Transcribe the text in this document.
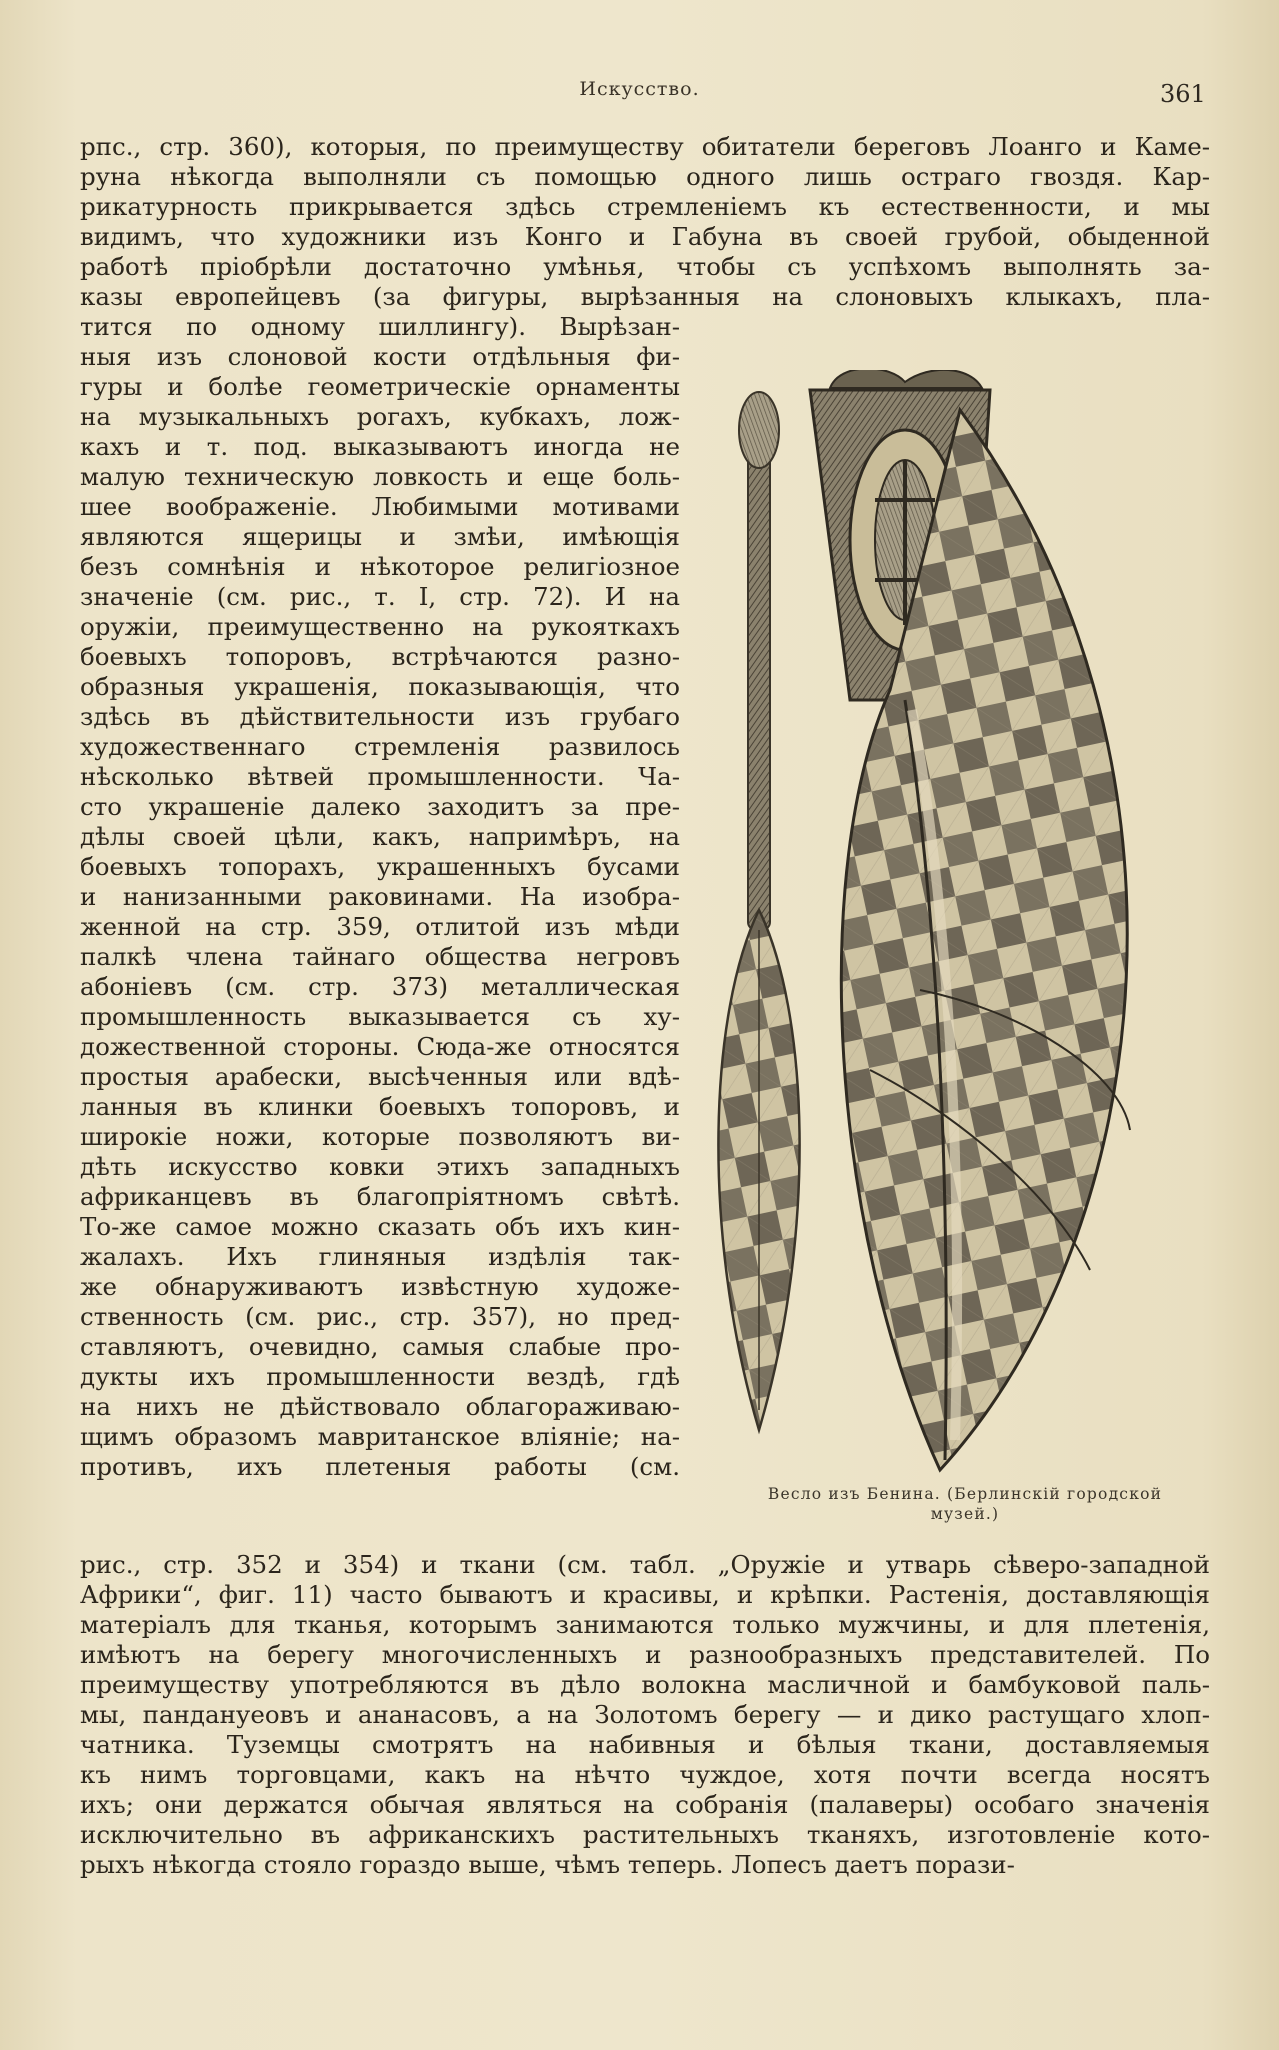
Искусство.	361
рпс., стр. 360), которыя, по преимуществу обитатели береговъ Лоанго и Каме-
руна нѣкогда выполняли съ помощью одного лишь остраго гвоздя. Кар-
рикатурность прикрывается здѣсь стремленіемъ къ естественности, и мы
видимъ, что художники изъ Конго и Габуна въ своей грубой, обыденной
работѣ пріобрѣли достаточно умѣнья, чтобы съ успѣхомъ выполнять за-
казы европейцевъ (за фигуры, вырѣзанныя на слоновыхъ клыкахъ, пла-
тится по одному шиллингу). Вырѣзан-
ныя изъ слоновой кости отдѣльныя фи-
гуры и болѣе геометрическіе орнаменты
на музыкальныхъ рогахъ, кубкахъ, лож-
кахъ и т. под. выказываютъ иногда не
малую техническую ловкость и еще боль-
шее воображеніе. Любимыми мотивами
являются ящерицы и змѣи, имѣющія
безъ сомнѣнія и нѣкоторое религіозное
значеніе (см. рис., т. I, стр. 72). И на
оружіи, преимущественно на рукояткахъ
боевыхъ топоровъ, встрѣчаются разно-
образныя украшенія, показывающія, что
здѣсь въ дѣйствительности изъ грубаго
художественнаго стремленія развилось
нѣсколько вѣтвей промышленности. Ча-
сто украшеніе далеко заходитъ за пре-
дѣлы своей цѣли, какъ, напримѣръ, на
боевыхъ топорахъ, украшенныхъ бусами
и нанизанными раковинами. На изобра-
женной на стр. 359, отлитой изъ мѣди
палкѣ члена тайнаго общества негровъ
абоніевъ (см. стр. 373) металлическая
промышленность выказывается съ ху-
дожественной стороны. Сюда-же относятся
простыя арабески, высѣченныя или вдѣ-
ланныя въ клинки боевыхъ топоровъ, и
широкіе ножи, которые позволяютъ ви-
дѣть искусство ковки этихъ западныхъ
африканцевъ въ благопріятномъ свѣтѣ.
То-же самое можно сказать объ ихъ кин-
жалахъ. Ихъ глиняныя издѣлія так-
же обнаруживаютъ извѣстную художе-
ственность (см. рис., стр. 357), но пред-
ставляютъ, очевидно, самыя слабые про-
дукты ихъ промышленности вездѣ, гдѣ
на нихъ не дѣйствовало облагораживаю-
щимъ образомъ мавританское вліяніе; на-
противъ, ихъ плетеныя работы (см.
рис., стр. 352 и 354) и ткани (см. табл. „Оружіе и утварь сѣверо-западной
Африки“, фиг. 11) часто бываютъ и красивы, и крѣпки. Растенія, доставляющія
матеріалъ для тканья, которымъ занимаются только мужчины, и для плетенія,
имѣютъ на берегу многочисленныхъ и разнообразныхъ представителей. По
преимуществу употребляются въ дѣло волокна масличной и бамбуковой паль-
мы, пандануеовъ и ананасовъ, а на Золотомъ берегу — и дико растущаго хлоп-
чатника. Туземцы смотрятъ на набивныя и бѣлыя ткани, доставляемыя
къ нимъ торговцами, какъ на нѣчто чуждое, хотя почти всегда носятъ
ихъ; они держатся обычая являться на собранія (палаверы) особаго значенія
исключительно въ африканскихъ растительныхъ тканяхъ, изготовленіе кото-
рыхъ нѣкогда стояло гораздо выше, чѣмъ теперь. Лопесъ даетъ порази-
Весло изъ Бенина. (Берлинскій городской
музей.)
